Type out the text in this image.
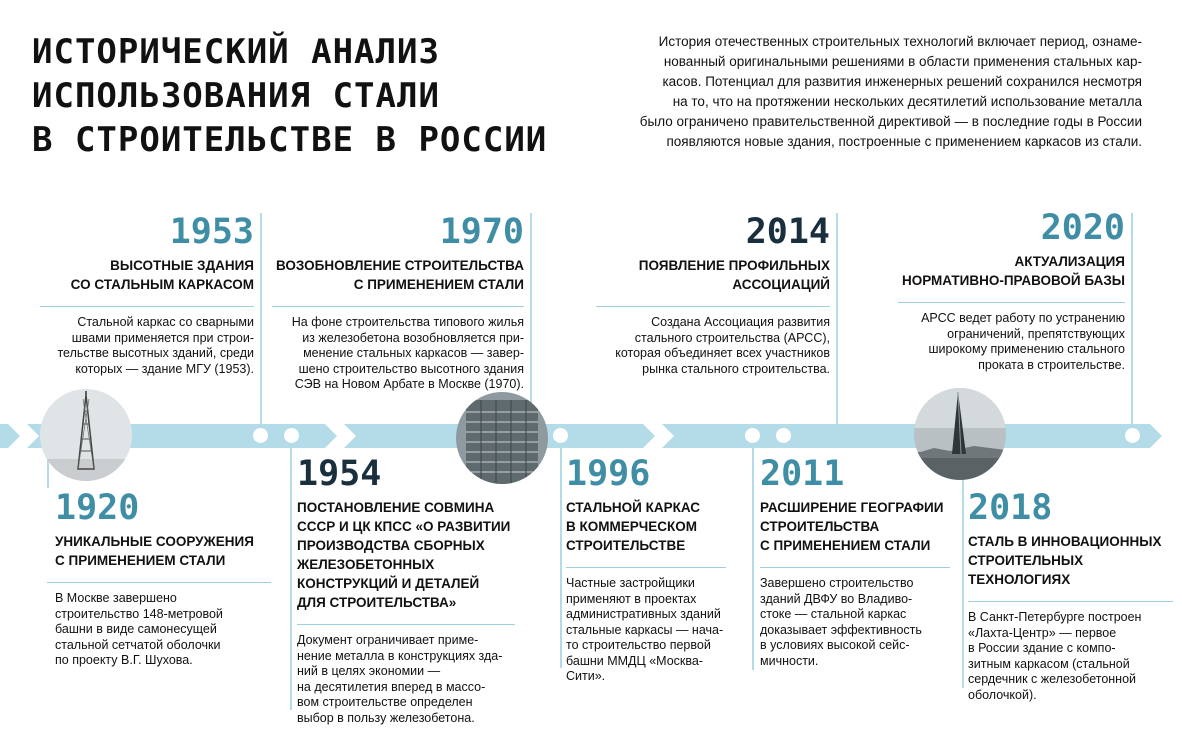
ИСТОРИЧЕСКИЙ АНАЛИЗ
ИСПОЛЬЗОВАНИЯ СТАЛИ
В СТРОИТЕЛЬСТВЕ В РОССИИ

История отечественных строительных технологий включает период, ознаме-
нованный оригинальными решениями в области применения стальных кар-
касов. Потенциал для развития инженерных решений сохранился несмотря
на то, что на протяжении нескольких десятилетий использование металла
было ограничено правительственной директивой — в последние годы в России
появляются новые здания, построенные с применением каркасов из стали.

1953
ВЫСОТНЫЕ ЗДАНИЯ
СО СТАЛЬНЫМ КАРКАСОМ
Стальной каркас со сварными
швами применяется при строи-
тельстве высотных зданий, среди
которых — здание МГУ (1953).
1970
ВОЗОБНОВЛЕНИЕ СТРОИТЕЛЬСТВА
С ПРИМЕНЕНИЕМ СТАЛИ
На фоне строительства типового жилья
из железобетона возобновляется при-
менение стальных каркасов — завер-
шено строительство высотного здания
СЭВ на Новом Арбате в Москве (1970).
2014
ПОЯВЛЕНИЕ ПРОФИЛЬНЫХ
АССОЦИАЦИЙ
Создана Ассоциация развития
стального строительства (АРСС),
которая объединяет всех участников
рынка стального строительства.
2020
АКТУАЛИЗАЦИЯ
НОРМАТИВНО-ПРАВОВОЙ БАЗЫ
АРСС ведет работу по устранению
ограничений, препятствующих
широкому применению стального
проката в строительстве.
1920
УНИКАЛЬНЫЕ СООРУЖЕНИЯ
С ПРИМЕНЕНИЕМ СТАЛИ
В Москве завершено
строительство 148-метровой
башни в виде самонесущей
стальной сетчатой оболочки
по проекту В.Г. Шухова.
1954
ПОСТАНОВЛЕНИЕ СОВМИНА
СССР И ЦК КПСС «О РАЗВИТИИ
ПРОИЗВОДСТВА СБОРНЫХ
ЖЕЛЕЗОБЕТОННЫХ
КОНСТРУКЦИЙ И ДЕТАЛЕЙ
ДЛЯ СТРОИТЕЛЬСТВА»
Документ ограничивает приме-
нение металла в конструкциях зда-
ний в целях экономии —
на десятилетия вперед в массо-
вом строительстве определен
выбор в пользу железобетона.
1996
СТАЛЬНОЙ КАРКАС
В КОММЕРЧЕСКОМ
СТРОИТЕЛЬСТВЕ
Частные застройщики
применяют в проектах
административных зданий
стальные каркасы — нача-
то строительство первой
башни ММДЦ «Москва-
Сити».
2011
РАСШИРЕНИЕ ГЕОГРАФИИ
СТРОИТЕЛЬСТВА
С ПРИМЕНЕНИЕМ СТАЛИ
Завершено строительство
зданий ДВФУ во Владиво-
стоке — стальной каркас
доказывает эффективность
в условиях высокой сейс-
мичности.
2018
СТАЛЬ В ИННОВАЦИОННЫХ
СТРОИТЕЛЬНЫХ
ТЕХНОЛОГИЯХ
В Санкт-Петербурге построен
«Лахта-Центр» — первое
в России здание с компо-
зитным каркасом (стальной
сердечник с железобетонной
оболочкой).
